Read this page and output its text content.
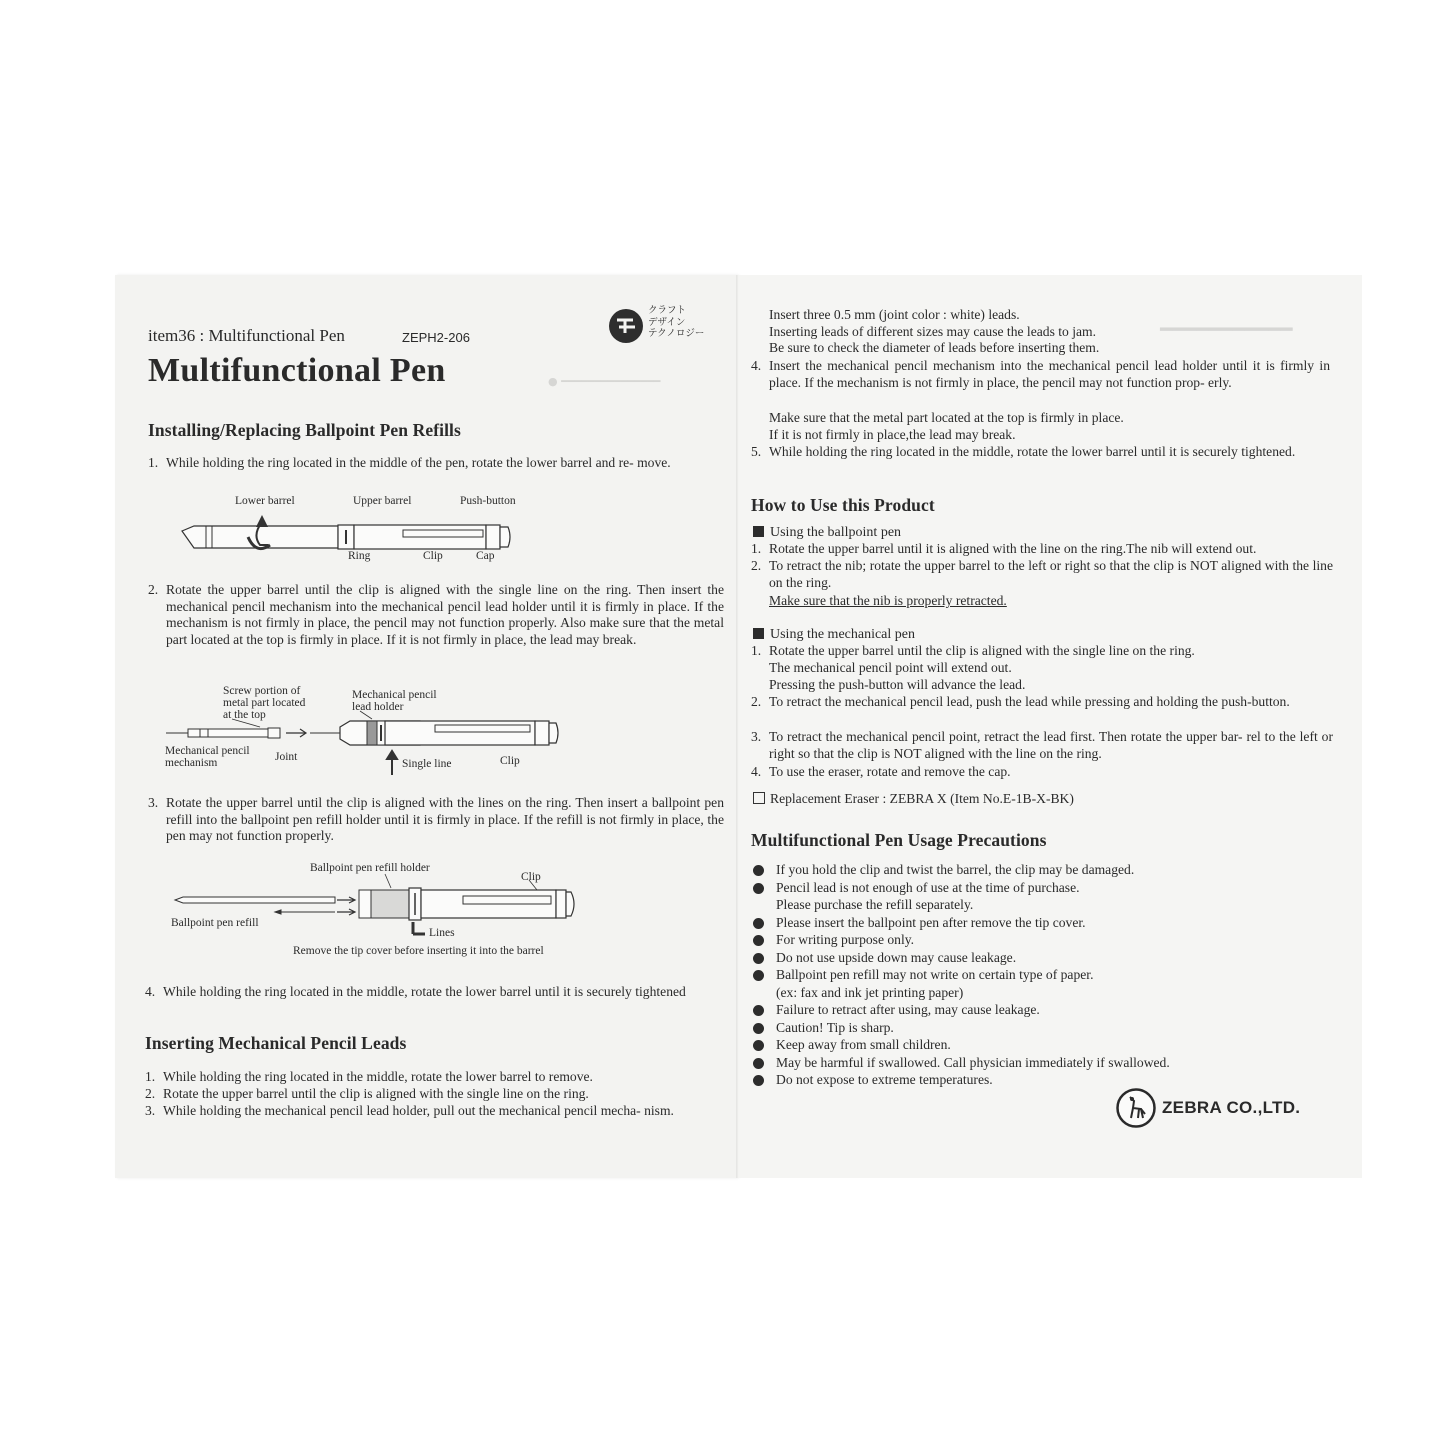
● ━━━━━━━━━━━━━━━
━━━━━━━━━━━
item36 : Multifunctional Pen	ZEPH2-206
Multifunctional Pen
クラフト
デザイン
テクノロジー
Installing/Replacing Ballpoint Pen Refills
1. While holding the ring located in the middle of the pen, rotate the lower barrel and re- move.
Lower barrel	Upper barrel	Push-button
Ring	Clip	Cap
2. Rotate the upper barrel until the clip is aligned with the single line on the ring. Then insert the mechanical pencil mechanism into the mechanical pencil lead holder until it is firmly in place. If the mechanism is not firmly in place, the pencil may not function properly. Also make sure that the metal part located at the top is firmly in place. If it is not firmly in place, the lead may break.
Screw portion of
metal part located
at the top
Mechanical pencil
lead holder
Mechanical pencil
mechanism	Joint
Single line	Clip
3. Rotate the upper barrel until the clip is aligned with the lines on the ring. Then insert a ballpoint pen refill into the ballpoint pen refill holder until it is firmly in place. If the refill is not firmly in place, the pen may not function properly.
Ballpoint pen refill holder
Clip
Ballpoint pen refill
Lines
Remove the tip cover before inserting it into the barrel
4. While holding the ring located in the middle, rotate the lower barrel until it is securely tightened
Inserting Mechanical Pencil Leads
1. While holding the ring located in the middle, rotate the lower barrel to remove.
2. Rotate the upper barrel until the clip is aligned with the single line on the ring.
3. While holding the mechanical pencil lead holder, pull out the mechanical pencil mecha- nism.
Insert three 0.5 mm (joint color : white) leads.
Inserting leads of different sizes may cause the leads to jam.
Be sure to check the diameter of leads before inserting them.
4. Insert the mechanical pencil mechanism into the mechanical pencil lead holder until it is firmly in place. If the mechanism is not firmly in place, the pencil may not function prop- erly.
Make sure that the metal part located at the top is firmly in place.
If it is not firmly in place,the lead may break.
5. While holding the ring located in the middle, rotate the lower barrel until it is securely tightened.
How to Use this Product
Using the ballpoint pen
1. Rotate the upper barrel until it is aligned with the line on the ring.The nib will extend out.
2. To retract the nib; rotate the upper barrel to the left or right so that the clip is NOT aligned with the line on the ring.
Make sure that the nib is properly retracted.
Using the mechanical pen
1. Rotate the upper barrel until the clip is aligned with the single line on the ring.
The mechanical pencil point will extend out.
Pressing the push-button will advance the lead.
2. To retract the mechanical pencil lead, push the lead while pressing and holding the push-button.
3. To retract the mechanical pencil point, retract the lead first. Then rotate the upper bar- rel to the left or right so that the clip is NOT aligned with the line on the ring.
4. To use the eraser, rotate and remove the cap.
Replacement Eraser : ZEBRA X (Item No.E-1B-X-BK)
Multifunctional Pen Usage Precautions
If you hold the clip and twist the barrel, the clip may be damaged.
Pencil lead is not enough of use at the time of purchase.
Please purchase the refill separately.
Please insert the ballpoint pen after remove the tip cover.
For writing purpose only.
Do not use upside down may cause leakage.
Ballpoint pen refill may not write on certain type of paper.
(ex: fax and ink jet printing paper)
Failure to retract after using, may cause leakage.
Caution! Tip is sharp.
Keep away from small children.
May be harmful if swallowed. Call physician immediately if swallowed.
Do not expose to extreme temperatures.
ZEBRA CO.,LTD.
